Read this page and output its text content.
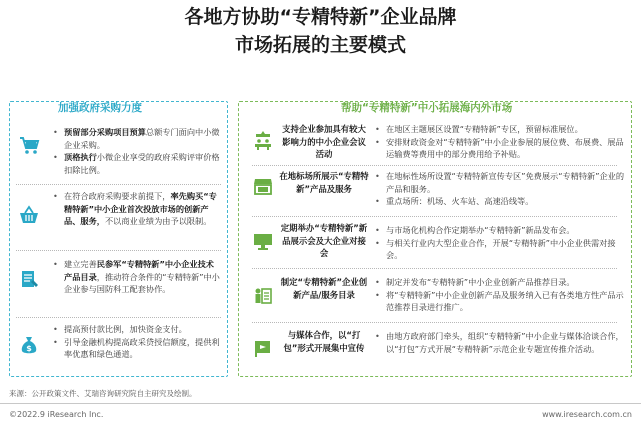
各地方协助“专精特新”企业品牌
市场拓展的主要模式
加强政府采购力度	帮助“专精特新”中小拓展海内外市场
• 预留部分采购项目预算总额专门面向中小微企业采购。
• 顶格执行小微企业享受的政府采购评审价格扣除比例。
• 在符合政府采购要求前提下，率先购买“专精特新”中小企业首次投放市场的创新产品、服务，不以商业业绩为由予以限制。
• 建立完善民参军“专精特新”中小企业技术产品目录，推动符合条件的“专精特新”中小企业参与国防科工配套协作。
$
• 提高预付款比例，加快资金支付。
• 引导金融机构提高政采贷授信额度，提供利率优惠和绿色通道。
支持企业参加具有较大影响力的中小企业会议活动
• 在地区主题展区设置“专精特新”专区，预留标准展位。
• 安排财政资金对“专精特新”中小企业参展的展位费、布展费、展品运输费等费用中的部分费用给予补贴。
在地标场所展示“专精特新”产品及服务
• 在地标性场所设置“专精特新宣传专区”免费展示“专精特新”企业的产品和服务。
• 重点场所：机场、火车站、高速沿线等。
定期举办“专精特新”新品展示会及大企业对接会
• 与市场化机构合作定期举办“专精特新”新品发布会。
• 与相关行业内大型企业合作，开展“专精特新”中小企业供需对接会。
制定“专精特新”企业创新产品/服务目录
• 制定并发布“专精特新”中小企业创新产品推荐目录。
• 将“专精特新”中小企业创新产品及服务纳入已有各类地方性产品示范推荐目录进行推广。
与媒体合作，以“打包”形式开展集中宣传
• 由地方政府部门牵头，组织“专精特新”中小企业与媒体洽谈合作，以“打包”方式开展“专精特新”示范企业专题宣传推介活动。
来源：公开政策文件、艾瑞咨询研究院自主研究及绘制。
©2022.9 iResearch Inc.	www.iresearch.com.cn
